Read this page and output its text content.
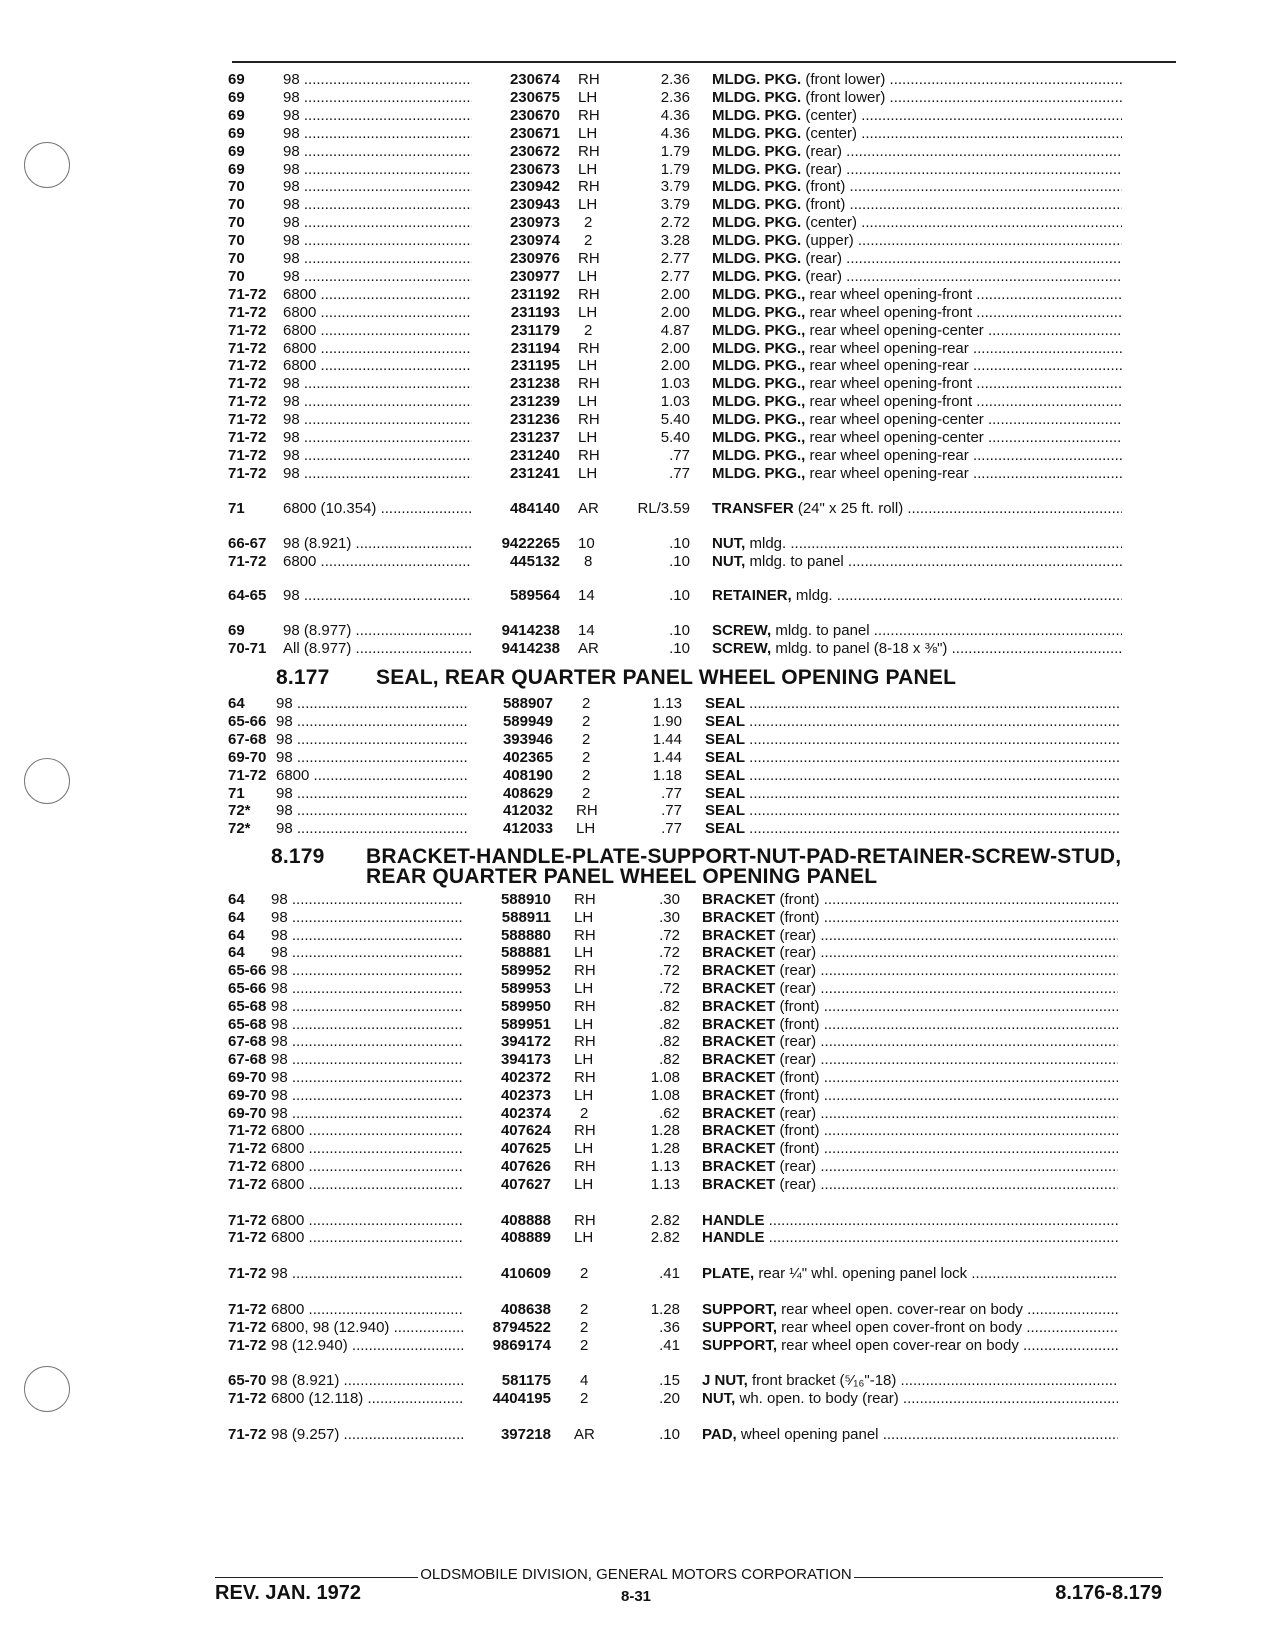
69	98 .....	230674 RH	2.36 MLDG. PKG. (front lower) .....
69	98 .....	230675 LH	2.36 MLDG. PKG. (front lower) .....
69	98 .....	230670 RH	4.36 MLDG. PKG. (center) .....
69	98 .....	230671 LH	4.36 MLDG. PKG. (center) .....
69	98 .....	230672 RH	1.79 MLDG. PKG. (rear) .....
69	98 .....	230673 LH	1.79 MLDG. PKG. (rear) .....
70	98 .....	230942 RH	3.79 MLDG. PKG. (front) .....
70	98 .....	230943 LH	3.79 MLDG. PKG. (front) .....
70	98 .....	230973 2	2.72 MLDG. PKG. (center) .....
70	98 .....	230974 2	3.28 MLDG. PKG. (upper) .....
70	98 .....	230976 RH	2.77 MLDG. PKG. (rear) .....
70	98 .....	230977 LH	2.77 MLDG. PKG. (rear) .....
71-72	6800 .....	231192 RH	2.00 MLDG. PKG., rear wheel opening-front .....
71-72	6800 .....	231193 LH	2.00 MLDG. PKG., rear wheel opening-front .....
71-72	6800 .....	231179 2	4.87 MLDG. PKG., rear wheel opening-center .....
71-72	6800 .....	231194 RH	2.00 MLDG. PKG., rear wheel opening-rear .....
71-72	6800 .....	231195 LH	2.00 MLDG. PKG., rear wheel opening-rear .....
71-72	98 .....	231238 RH	1.03 MLDG. PKG., rear wheel opening-front .....
71-72	98 .....	231239 LH	1.03 MLDG. PKG., rear wheel opening-front .....
71-72	98 .....	231236 RH	5.40 MLDG. PKG., rear wheel opening-center .....
71-72	98 .....	231237 LH	5.40 MLDG. PKG., rear wheel opening-center .....
71-72	98 .....	231240 RH	.77 MLDG. PKG., rear wheel opening-rear .....
71-72	98 .....	231241 LH	.77 MLDG. PKG., rear wheel opening-rear .....
71	6800 (10.354) .....	484140 AR	RL/3.59 TRANSFER (24" x 25 ft. roll) .....
66-67	98 (8.921) .....	9422265 10	.10 NUT, mldg. .....
71-72	6800 .....	445132 8	.10 NUT, mldg. to panel .....
64-65	98 .....	589564 14	.10 RETAINER, mldg. .....
69	98 (8.977) .....	9414238 14	.10 SCREW, mldg. to panel .....
70-71	All (8.977) .....	9414238 AR	.10 SCREW, mldg. to panel (8-18 x ⅜") .....
8.177 SEAL, REAR QUARTER PANEL WHEEL OPENING PANEL
64	98 .....	588907 2	1.13 SEAL .....
65-66 98 .....	589949 2	1.90 SEAL .....
67-68 98 .....	393946 2	1.44 SEAL .....
69-70 98 .....	402365 2	1.44 SEAL .....
71-72 6800 .....	408190 2	1.18 SEAL .....
71	98 .....	408629 2	.77 SEAL .....
72*	98 .....	412032 RH	.77 SEAL .....
72*	98 .....	412033 LH	.77 SEAL .....
8.179 BRACKET-HANDLE-PLATE-SUPPORT-NUT-PAD-RETAINER-SCREW-STUD,
REAR QUARTER PANEL WHEEL OPENING PANEL
64	98 .....	588910 RH	.30 BRACKET (front) .....
64	98 .....	588911 LH	.30 BRACKET (front) .....
64	98 .....	588880 RH	.72 BRACKET (rear) .....
64	98 .....	588881 LH	.72 BRACKET (rear) .....
65-66 98 .....	589952 RH	.72 BRACKET (rear) .....
65-66 98 .....	589953 LH	.72 BRACKET (rear) .....
65-68 98 .....	589950 RH	.82 BRACKET (front) .....
65-68 98 .....	589951 LH	.82 BRACKET (front) .....
67-68 98 .....	394172 RH	.82 BRACKET (rear) .....
67-68 98 .....	394173 LH	.82 BRACKET (rear) .....
69-70 98 .....	402372 RH	1.08 BRACKET (front) .....
69-70 98 .....	402373 LH	1.08 BRACKET (front) .....
69-70 98 .....	402374 2	.62 BRACKET (rear) .....
71-72 6800 .....	407624 RH	1.28 BRACKET (front) .....
71-72 6800 .....	407625 LH	1.28 BRACKET (front) .....
71-72 6800 .....	407626 RH	1.13 BRACKET (rear) .....
71-72 6800 .....	407627 LH	1.13 BRACKET (rear) .....
71-72 6800 .....	408888 RH	2.82 HANDLE .....
71-72 6800 .....	408889 LH	2.82 HANDLE .....
71-72 98 .....	410609 2	.41 PLATE, rear ¼" whl. opening panel lock .....
71-72 6800 .....	408638 2	1.28 SUPPORT, rear wheel open. cover-rear on body .....
71-72 6800, 98 (12.940) .....	8794522 2	.36 SUPPORT, rear wheel open cover-front on body .....
71-72 98 (12.940) .....	9869174 2	.41 SUPPORT, rear wheel open cover-rear on body .....
65-70 98 (8.921) .....	581175 4	.15 J NUT, front bracket (⁵⁄₁₆"-18) .....
71-72 6800 (12.118) .....	4404195 2	.20 NUT, wh. open. to body (rear) .....
71-72 98 (9.257) .....	397218 AR	.10 PAD, wheel opening panel .....
OLDSMOBILE DIVISION, GENERAL MOTORS CORPORATION
REV. JAN. 1972	8-31	8.176-8.179
